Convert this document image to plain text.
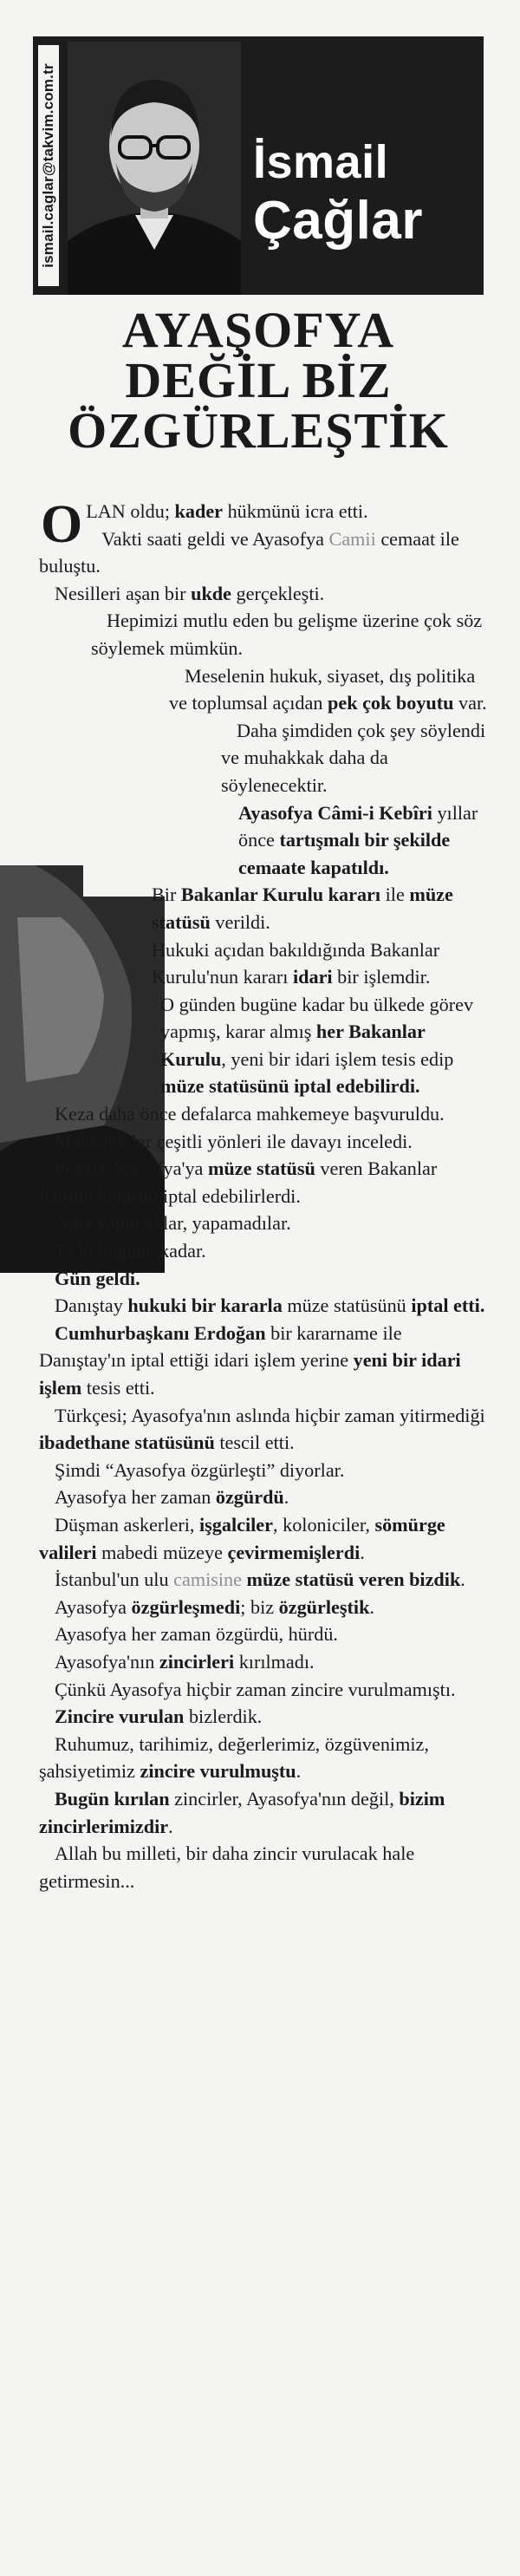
ismail.caglar@takvim.com.tr	İsmail
Çağlar
AYAŞOFYA
DEĞİL BİZ
ÖZGÜRLEŞTİK

OLAN oldu; kader hükmünü icra etti.

Vakti saati geldi ve Ayasofya Camii cemaat ile buluştu.

Nesilleri aşan bir ukde gerçekleşti.

Hepimizi mutlu eden bu gelişme üzerine çok söz söylemek mümkün.

Meselenin hukuk, siyaset, dış politika ve toplumsal açıdan pek çok boyutu var.

Daha şimdiden çok şey söylendi ve muhakkak daha da söylenecektir.

Ayasofya Câmi-i Kebîri yıllar önce tartışmalı bir şekilde cemaate kapatıldı.

Bir Bakanlar Kurulu kararı ile müze statüsü verildi.

Hukuki açıdan bakıldığında Bakanlar Kurulu'nun kararı idari bir işlemdir.

O günden bugüne kadar bu ülkede görev yapmış, karar almış her Bakanlar Kurulu, yeni bir idari işlem tesis edip müze statüsünü iptal edebilirdi.

Keza daha önce defalarca mahkemeye başvuruldu.

Mahkemeler çeşitli yönleri ile davayı inceledi.

Pekâlâ Ayasofya'ya müze statüsü veren Bakanlar Kurulu kararını iptal edebilirlerdi.

Ama yapmadılar, yapamadılar.

Ta ki bugüne kadar.

Gün geldi.

Danıştay hukuki bir kararla müze statüsünü iptal etti.

Cumhurbaşkanı Erdoğan bir kararname ile Danıştay'ın iptal ettiği idari işlem yerine yeni bir idari işlem tesis etti.

Türkçesi; Ayasofya'nın aslında hiçbir zaman yitirmediği ibadethane statüsünü tescil etti.

Şimdi “Ayasofya özgürleşti” diyorlar.

Ayasofya her zaman özgürdü.

Düşman askerleri, işgalciler, koloniciler, sömürge valileri mabedi müzeye çevirmemişlerdi.

İstanbul'un ulu camisine müze statüsü veren bizdik.

Ayasofya özgürleşmedi; biz özgürleştik.

Ayasofya her zaman özgürdü, hürdü.

Ayasofya'nın zincirleri kırılmadı.

Çünkü Ayasofya hiçbir zaman zincire vurulmamıştı.

Zincire vurulan bizlerdik.

Ruhumuz, tarihimiz, değerlerimiz, özgüvenimiz, şahsiyetimiz zincire vurulmuştu.

Bugün kırılan zincirler, Ayasofya'nın değil, bizim zincirlerimizdir.

Allah bu milleti, bir daha zincir vurulacak hale getirmesin...
